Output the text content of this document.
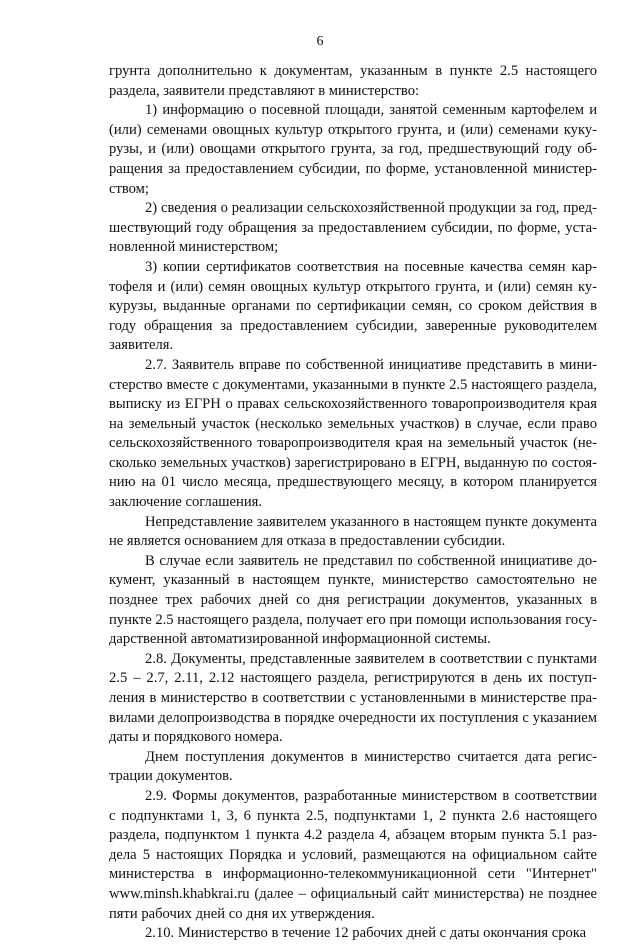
6

грунта дополнительно к документам, указанным в пункте 2.5 настоящего раздела, заявители представляют в министерство:

1) информацию о посевной площади, занятой семенным картофелем и (или) семенами овощных культур открытого грунта, и (или) семенами кукурузы, и (или) овощами открытого грунта, за год, предшествующий году обращения за предоставлением субсидии, по форме, установленной министерством;

2) сведения о реализации сельскохозяйственной продукции за год, предшествующий году обращения за предоставлением субсидии, по форме, установленной министерством;

3) копии сертификатов соответствия на посевные качества семян картофеля и (или) семян овощных культур открытого грунта, и (или) семян кукурузы, выданные органами по сертификации семян, со сроком действия в году обращения за предоставлением субсидии, заверенные руководителем заявителя.

2.7. Заявитель вправе по собственной инициативе представить в министерство вместе с документами, указанными в пункте 2.5 настоящего раздела, выписку из ЕГРН о правах сельскохозяйственного товаропроизводителя края на земельный участок (несколько земельных участков) в случае, если право сельскохозяйственного товаропроизводителя края на земельный участок (несколько земельных участков) зарегистрировано в ЕГРН, выданную по состоянию на 01 число месяца, предшествующего месяцу, в котором планируется заключение соглашения.

Непредставление заявителем указанного в настоящем пункте документа не является основанием для отказа в предоставлении субсидии.

В случае если заявитель не представил по собственной инициативе документ, указанный в настоящем пункте, министерство самостоятельно не позднее трех рабочих дней со дня регистрации документов, указанных в пункте 2.5 настоящего раздела, получает его при помощи использования государственной автоматизированной информационной системы.

2.8. Документы, представленные заявителем в соответствии с пунктaми 2.5 – 2.7, 2.11, 2.12 настоящего раздела, регистрируются в день их поступления в министерство в соответствии с установленными в министерстве правилами делопроизводства в порядке очередности их поступления с указанием даты и порядкового номера.

Днем поступления документов в министерство считается дата регистрации документов.

2.9. Формы документов, разработанные министерством в соответствии с подпунктами 1, 3, 6 пункта 2.5, подпунктами 1, 2 пункта 2.6 настоящего раздела, подпунктом 1 пункта 4.2 раздела 4, абзацем вторым пункта 5.1 раздела 5 настоящих Порядка и условий, размещаются на официальном сайте министерства в информационно-телекоммуникационной сети "Интернет" www.minsh.khabkrai.ru (далее – официальный сайт министерства) не позднее пяти рабочих дней со дня их утверждения.

2.10. Министерство в течение 12 рабочих дней с даты окончания срока
